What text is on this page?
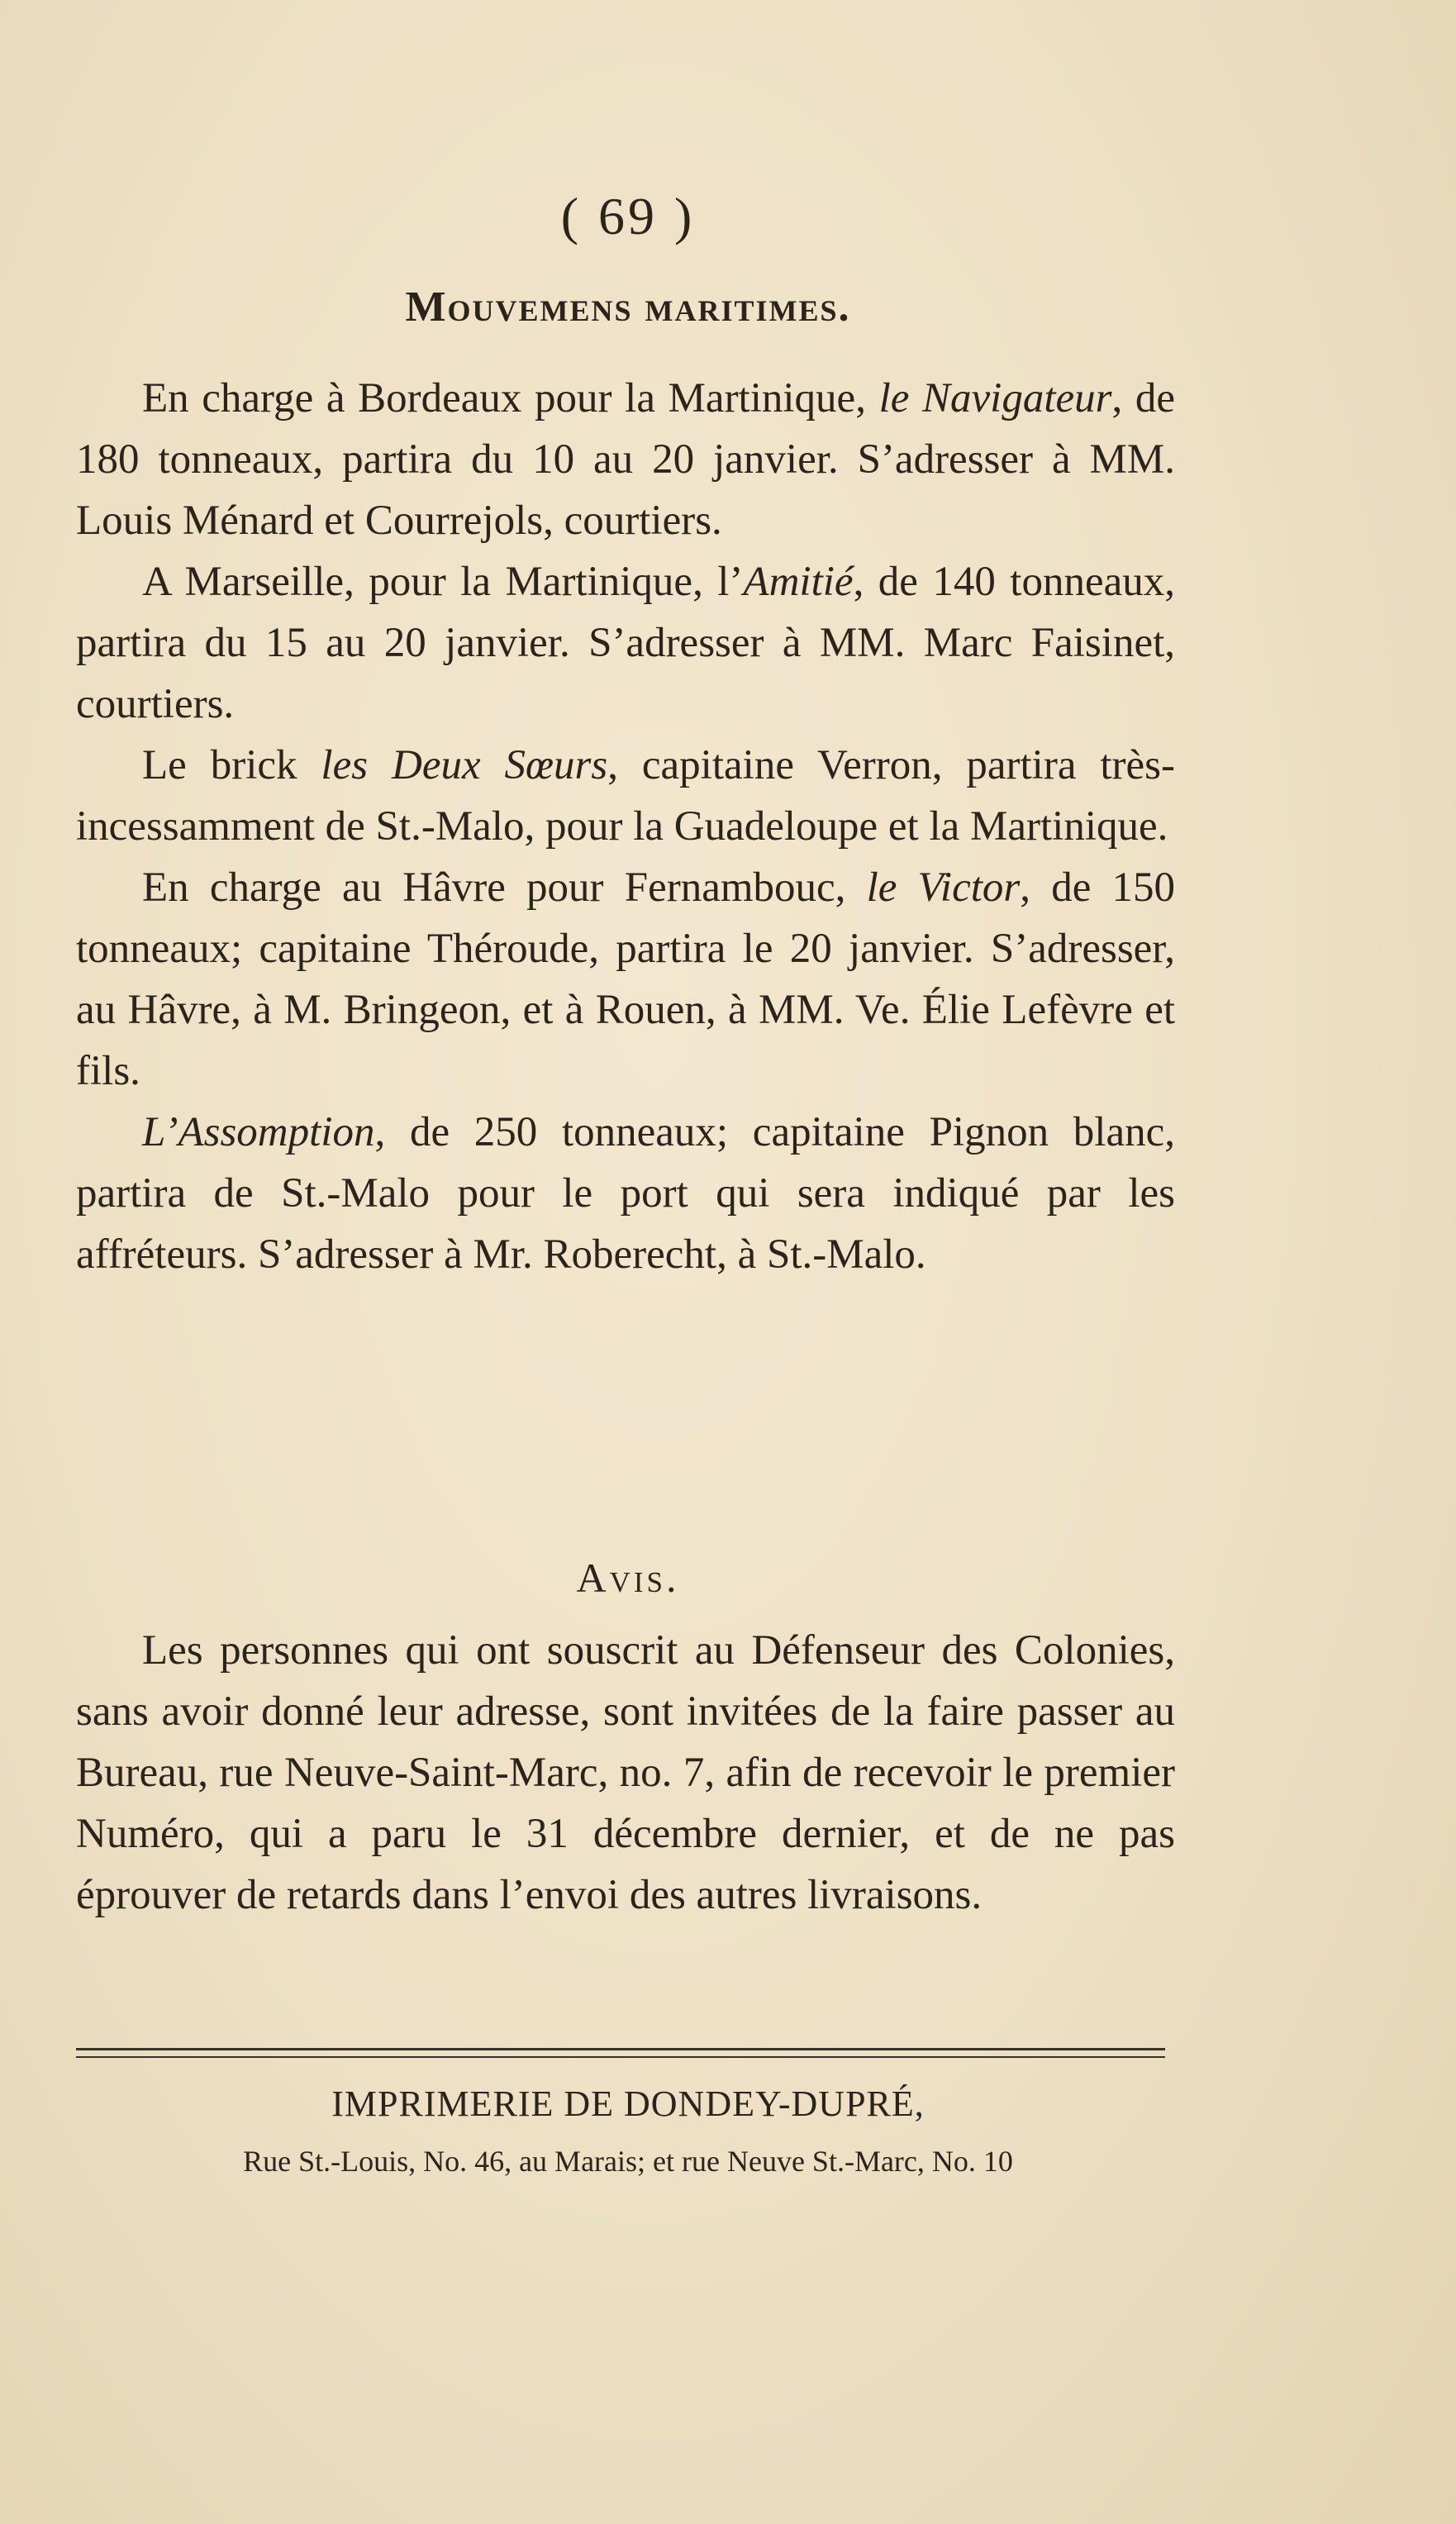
( 69 )
Mouvemens maritimes.

En charge à Bordeaux pour la Martinique, le Navigateur, de 180 tonneaux, partira du 10 au 20 janvier. S’adresser à MM. Louis Ménard et Courrejols, courtiers.

A Marseille, pour la Martinique, l’Amitié, de 140 tonneaux, partira du 15 au 20 janvier. S’adresser à MM. Marc Faisinet, courtiers.

Le brick les Deux Sœurs, capitaine Verron, partira très-incessamment de St.-Malo, pour la Guadeloupe et la Martinique.

En charge au Hâvre pour Fernambouc, le Victor, de 150 tonneaux; capitaine Théroude, partira le 20 janvier. S’adresser, au Hâvre, à M. Bringeon, et à Rouen, à MM. Ve. Élie Lefèvre et fils.

L’Assomption, de 250 tonneaux; capitaine Pignon blanc, partira de St.-Malo pour le port qui sera indiqué par les affréteurs. S’adresser à Mr. Roberecht, à St.-Malo.

Avis.

Les personnes qui ont souscrit au Défenseur des Colonies, sans avoir donné leur adresse, sont invitées de la faire passer au Bureau, rue Neuve-Saint-Marc, no. 7, afin de recevoir le premier Numéro, qui a paru le 31 décembre dernier, et de ne pas éprouver de retards dans l’envoi des autres livraisons.

IMPRIMERIE DE DONDEY-DUPRÉ,
Rue St.-Louis, No. 46, au Marais; et rue Neuve St.-Marc, No. 10
